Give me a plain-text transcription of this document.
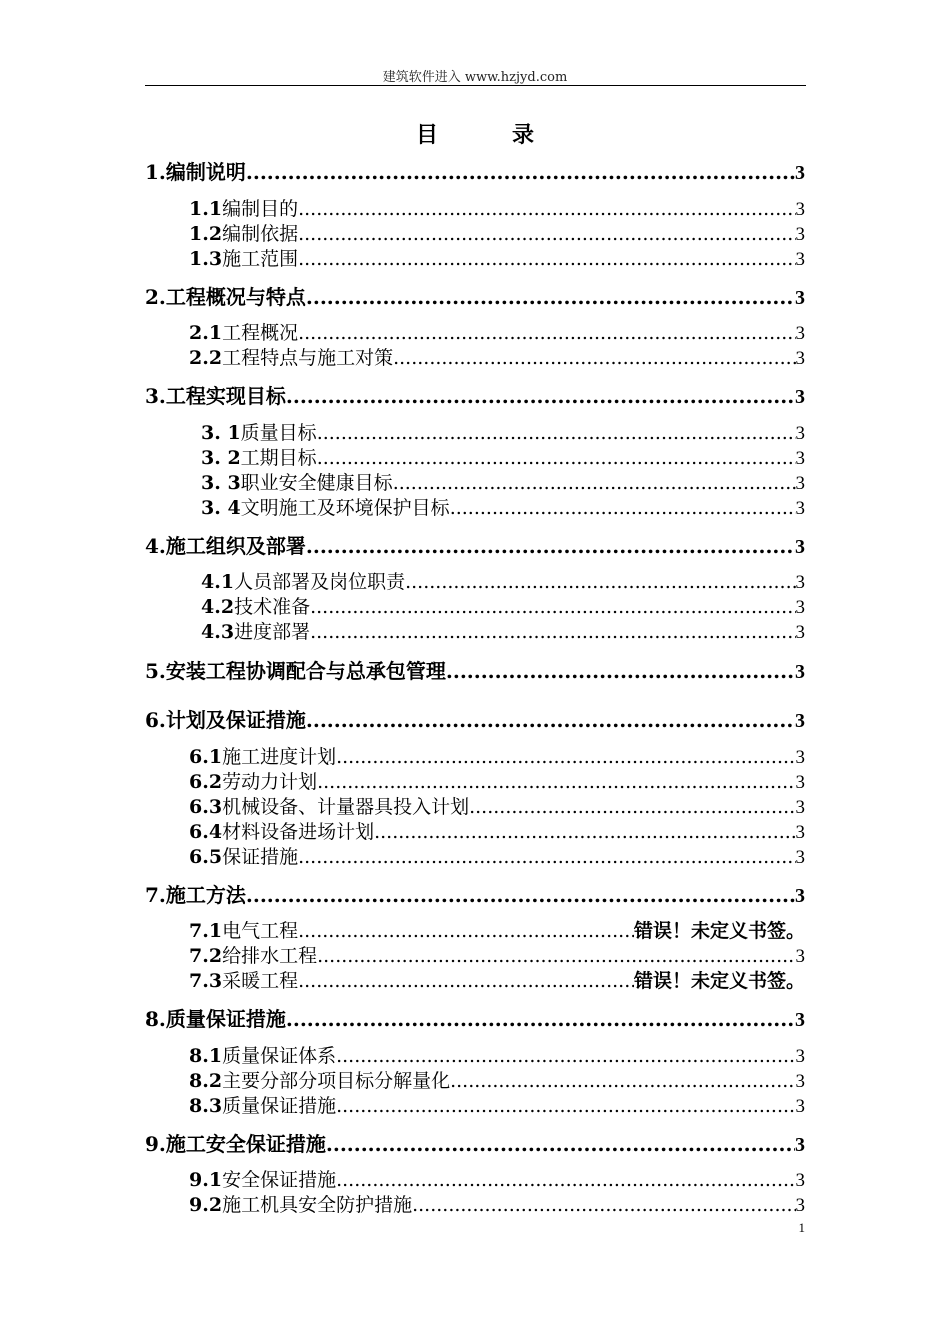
建筑软件进入 www.hzjyd.com
目　录
1. 编制说明 .....	3
1.1 编制目的 .....	3
1.2 编制依据 .....	3
1.3 施工范围 .....	3
2. 工程概况与特点 .....	3
2.1 工程概况 .....	3
2.2 工程特点与施工对策 .....	3
3. 工程实现目标 .....	3
3. 1 质量目标 .....	3
3. 2 工期目标 .....	3
3. 3 职业安全健康目标 .....	3
3. 4 文明施工及环境保护目标 .....	3
4. 施工组织及部署 .....	3
4.1 人员部署及岗位职责 .....	3
4.2 技术准备 .....	3
4.3 进度部署 .....	3
5. 安装工程协调配合与总承包管理 .....	3
6. 计划及保证措施 .....	3
6.1 施工进度计划 .....	3
6.2 劳动力计划 .....	3
6.3 机械设备、计量器具投入计划 .....	3
6.4 材料设备进场计划 .....	3
6.5 保证措施 .....	3
7. 施工方法 .....	3
7.1 电气工程 .....	错误！未定义书签。
7.2 给排水工程 .....	3
7.3 采暖工程 .....	错误！未定义书签。
8. 质量保证措施 .....	3
8.1 质量保证体系 .....	3
8.2 主要分部分项目标分解量化 .....	3
8.3 质量保证措施 .....	3
9. 施工安全保证措施 .....	3
9.1 安全保证措施 .....	3
9.2 施工机具安全防护措施 .....	3
1
